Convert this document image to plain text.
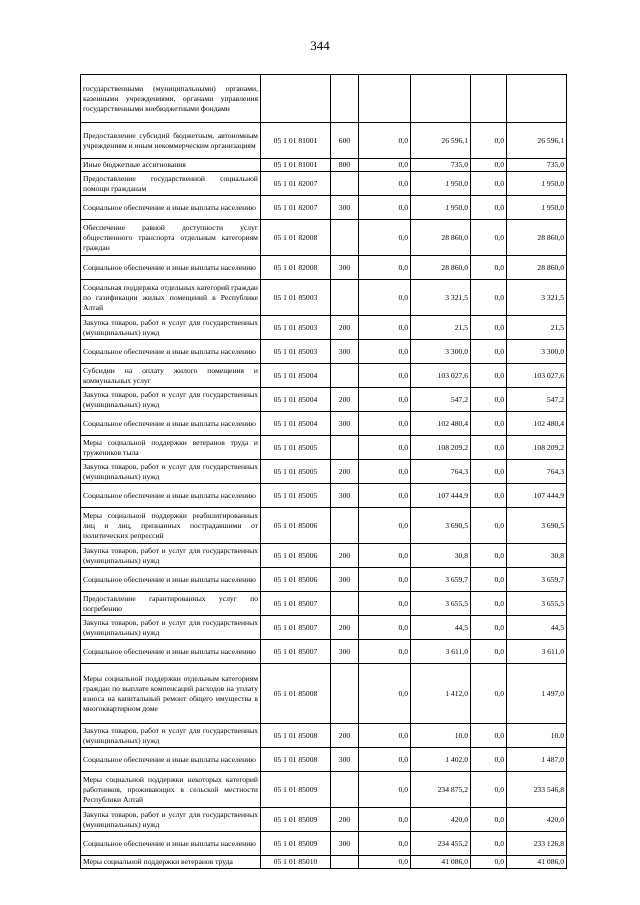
344
государственными (муниципальными) органами, казенными учреждениями, органами управления государственными внебюджетными фондами						
Предоставление субсидий бюджетным, автономным учреждениям и иным некоммерческим организациям	05 1 01 81001	600	0,0	26 596,1	0,0	26 596,1
Иные бюджетные ассигнования	05 1 01 81001	800	0,0	735,0	0,0	735,0
Предоставление государственной социальной помощи гражданам	05 1 01 82007		0,0	1 950,0	0,0	1 950,0
Социальное обеспечение и иные выплаты населению	05 1 01 82007	300	0,0	1 950,0	0,0	1 950,0
Обеспечение равной доступности услуг общественного транспорта отдельным категориям граждан	05 1 01 82008		0,0	28 860,0	0,0	28 860,0
Социальное обеспечение и иные выплаты населению	05 1 01 82008	300	0,0	28 860,0	0,0	28 860,0
Социальная поддержка отдельных категорий граждан по газификации жилых помещений в Республике Алтай	05 1 01 85003		0,0	3 321,5	0,0	3 321,5
Закупка товаров, работ и услуг для государственных (муниципальных) нужд	05 1 01 85003	200	0,0	21,5	0,0	21,5
Социальное обеспечение и иные выплаты населению	05 1 01 85003	300	0,0	3 300,0	0,0	3 300,0
Субсидии на оплату жилого помещения и коммунальных услуг	05 1 01 85004		0,0	103 027,6	0,0	103 027,6
Закупка товаров, работ и услуг для государственных (муниципальных) нужд	05 1 01 85004	200	0,0	547,2	0,0	547,2
Социальное обеспечение и иные выплаты населению	05 1 01 85004	300	0,0	102 480,4	0,0	102 480,4
Меры социальной поддержки ветеранов труда и тружеников тыла	05 1 01 85005		0,0	108 209,2	0,0	108 209,2
Закупка товаров, работ и услуг для государственных (муниципальных) нужд	05 1 01 85005	200	0,0	764,3	0,0	764,3
Социальное обеспечение и иные выплаты населению	05 1 01 85005	300	0,0	107 444,9	0,0	107 444,9
Меры социальной поддержки реабилитированных лиц и лиц, признанных пострадавшими от политических репрессий	05 1 01 85006		0,0	3 690,5	0,0	3 690,5
Закупка товаров, работ и услуг для государственных (муниципальных) нужд	05 1 01 85006	200	0,0	30,8	0,0	30,8
Социальное обеспечение и иные выплаты населению	05 1 01 85006	300	0,0	3 659,7	0,0	3 659,7
Предоставление гарантированных услуг по погребению	05 1 01 85007		0,0	3 655,5	0,0	3 655,5
Закупка товаров, работ и услуг для государственных (муниципальных) нужд	05 1 01 85007	200	0,0	44,5	0,0	44,5
Социальное обеспечение и иные выплаты населению	05 1 01 85007	300	0,0	3 611,0	0,0	3 611,0
Меры социальной поддержки отдельным категориям граждан по выплате компенсаций расходов на уплату взноса на капитальный ремонт общего имущества в многоквартирном доме	05 1 01 85008		0,0	1 412,0	0,0	1 497,0
Закупка товаров, работ и услуг для государственных (муниципальных) нужд	05 1 01 85008	200	0,0	10,0	0,0	10,0
Социальное обеспечение и иные выплаты населению	05 1 01 85008	300	0,0	1 402,0	0,0	1 487,0
Меры социальной поддержки некоторых категорий работников, проживающих в сельской местности Республики Алтай	05 1 01 85009		0,0	234 875,2	0,0	233 546,8
Закупка товаров, работ и услуг для государственных (муниципальных) нужд	05 1 01 85009	200	0,0	420,0	0,0	420,0
Социальное обеспечение и иные выплаты населению	05 1 01 85009	300	0,0	234 455,2	0,0	233 126,8
Меры социальной поддержки ветеранов труда	05 1 01 85010		0,0	41 086,0	0,0	41 086,0
